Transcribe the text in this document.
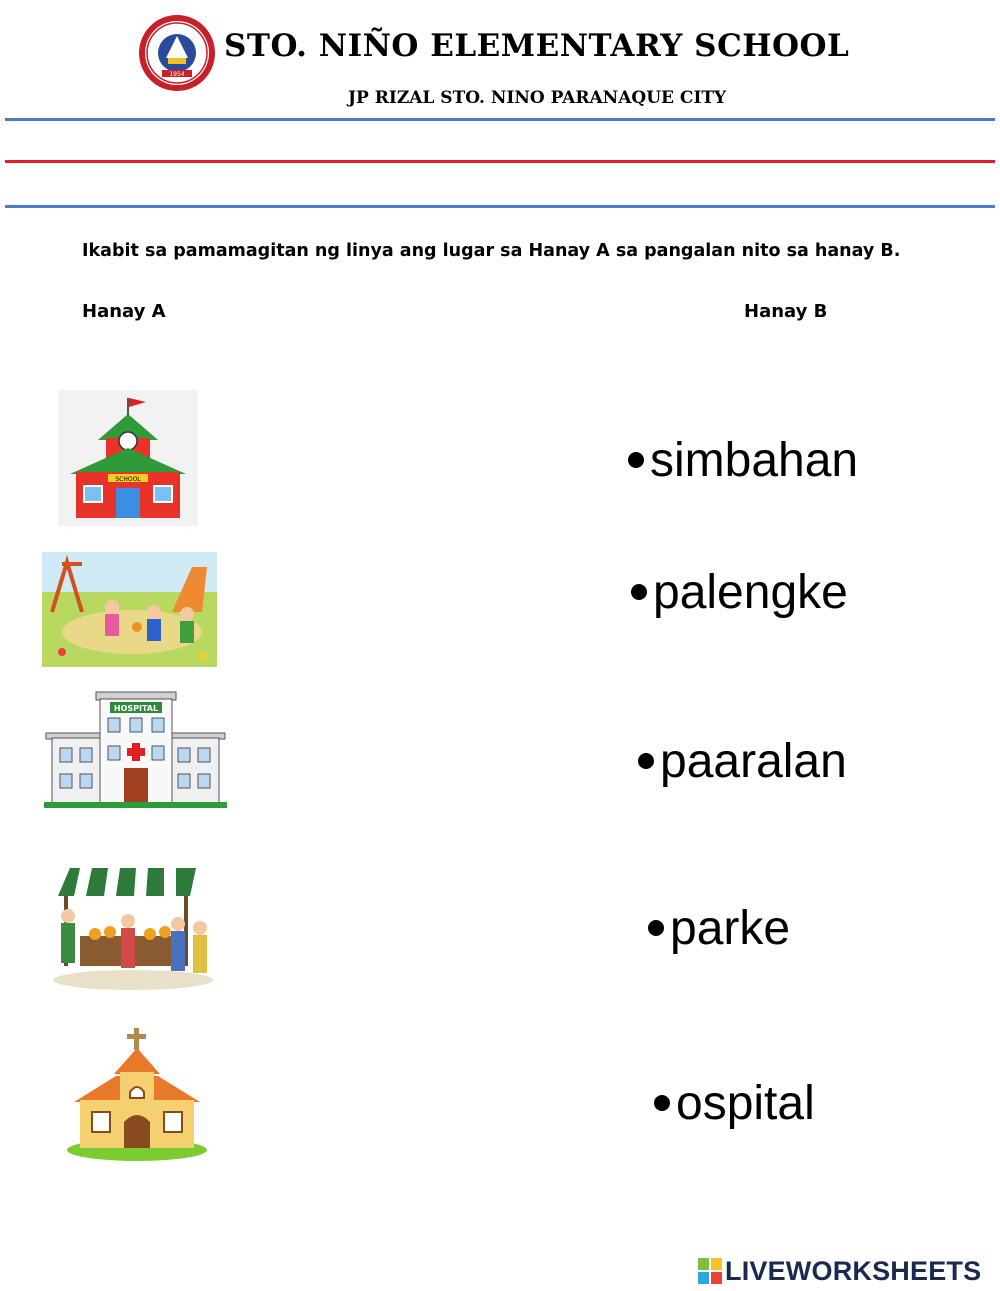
1954
STO. NIÑO ELEMENTARY SCHOOL
JP RIZAL STO. NINO PARANAQUE CITY
Ikabit sa pamamagitan ng linya ang lugar sa Hanay A sa pangalan nito sa hanay B.
Hanay A	Hanay B
SCHOOL
HOSPITAL
simbahan
palengke
paaralan
parke
ospital
LIVEWORKSHEETS
